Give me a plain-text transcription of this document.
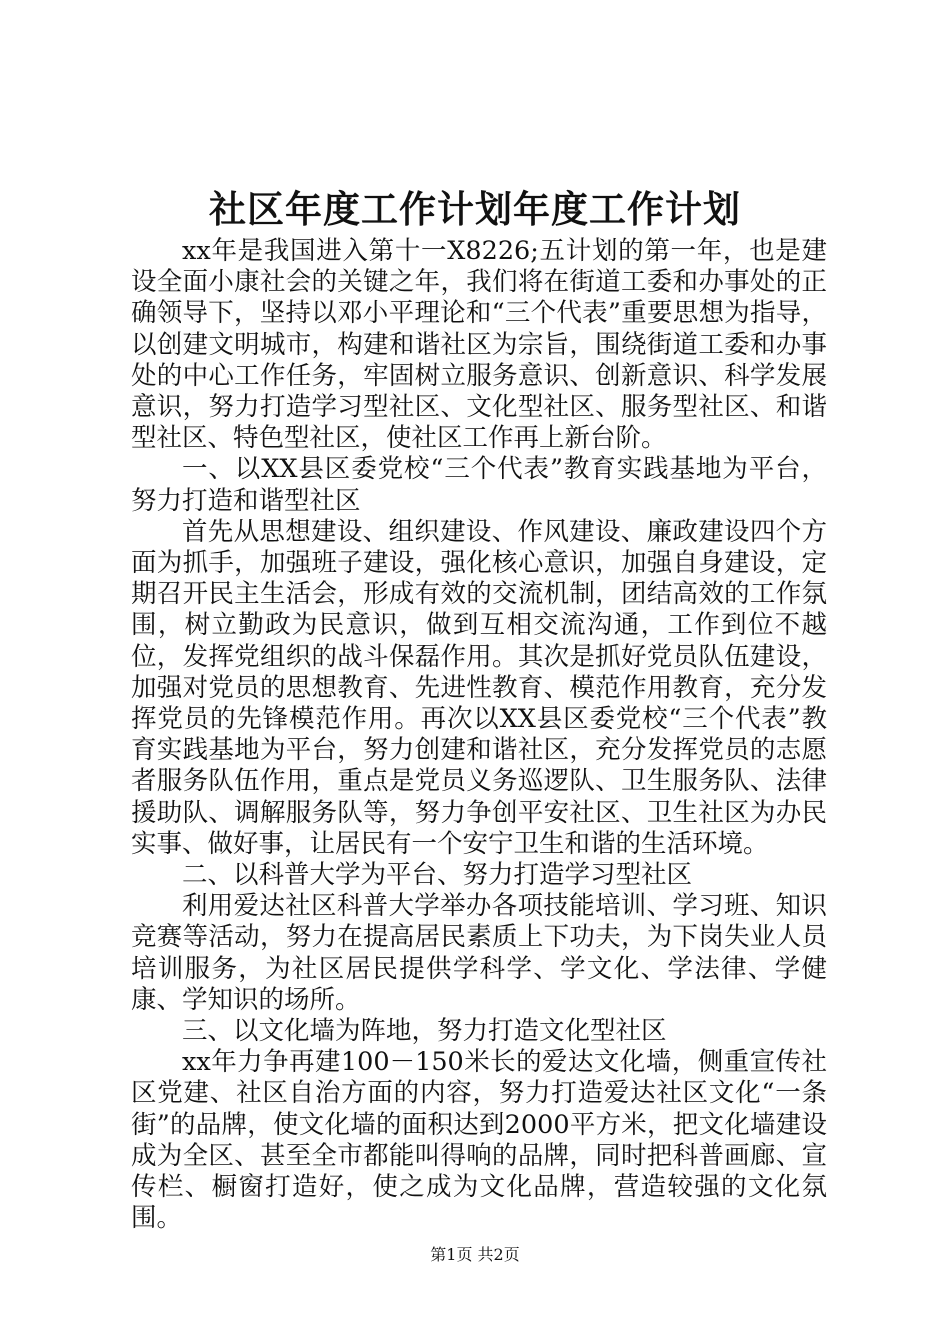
社区年度工作计划年度工作计划

xx年是我国进入第十一X8226;五计划的第一年，也是建设全面小康社会的关键之年，我们将在街道工委和办事处的正确领导下，坚持以邓小平理论和“三个代表”重要思想为指导，以创建文明城市，构建和谐社区为宗旨，围绕街道工委和办事处的中心工作任务，牢固树立服务意识、创新意识、科学发展意识，努力打造学习型社区、文化型社区、服务型社区、和谐型社区、特色型社区，使社区工作再上新台阶。

一、以XX县区委党校“三个代表”教育实践基地为平台，努力打造和谐型社区

首先从思想建设、组织建设、作风建设、廉政建设四个方面为抓手，加强班子建设，强化核心意识，加强自身建设，定期召开民主生活会，形成有效的交流机制，团结高效的工作氛围，树立勤政为民意识，做到互相交流沟通，工作到位不越位，发挥党组织的战斗保磊作用。其次是抓好党员队伍建设，加强对党员的思想教育、先进性教育、模范作用教育，充分发挥党员的先锋模范作用。再次以XX县区委党校“三个代表”教育实践基地为平台，努力创建和谐社区，充分发挥党员的志愿者服务队伍作用，重点是党员义务巡逻队、卫生服务队、法律援助队、调解服务队等，努力争创平安社区、卫生社区为办民实事、做好事，让居民有一个安宁卫生和谐的生活环境。

二、以科普大学为平台、努力打造学习型社区

利用爱达社区科普大学举办各项技能培训、学习班、知识竞赛等活动，努力在提高居民素质上下功夫，为下岗失业人员培训服务，为社区居民提供学科学、学文化、学法律、学健康、学知识的场所。

三、以文化墙为阵地，努力打造文化型社区

xx年力争再建100－150米长的爱达文化墙，侧重宣传社区党建、社区自治方面的内容，努力打造爱达社区文化“一条街”的品牌，使文化墙的面积达到2000平方米，把文化墙建设成为全区、甚至全市都能叫得响的品牌，同时把科普画廊、宣传栏、橱窗打造好，使之成为文化品牌，营造较强的文化氛围。

第1页 共2页
